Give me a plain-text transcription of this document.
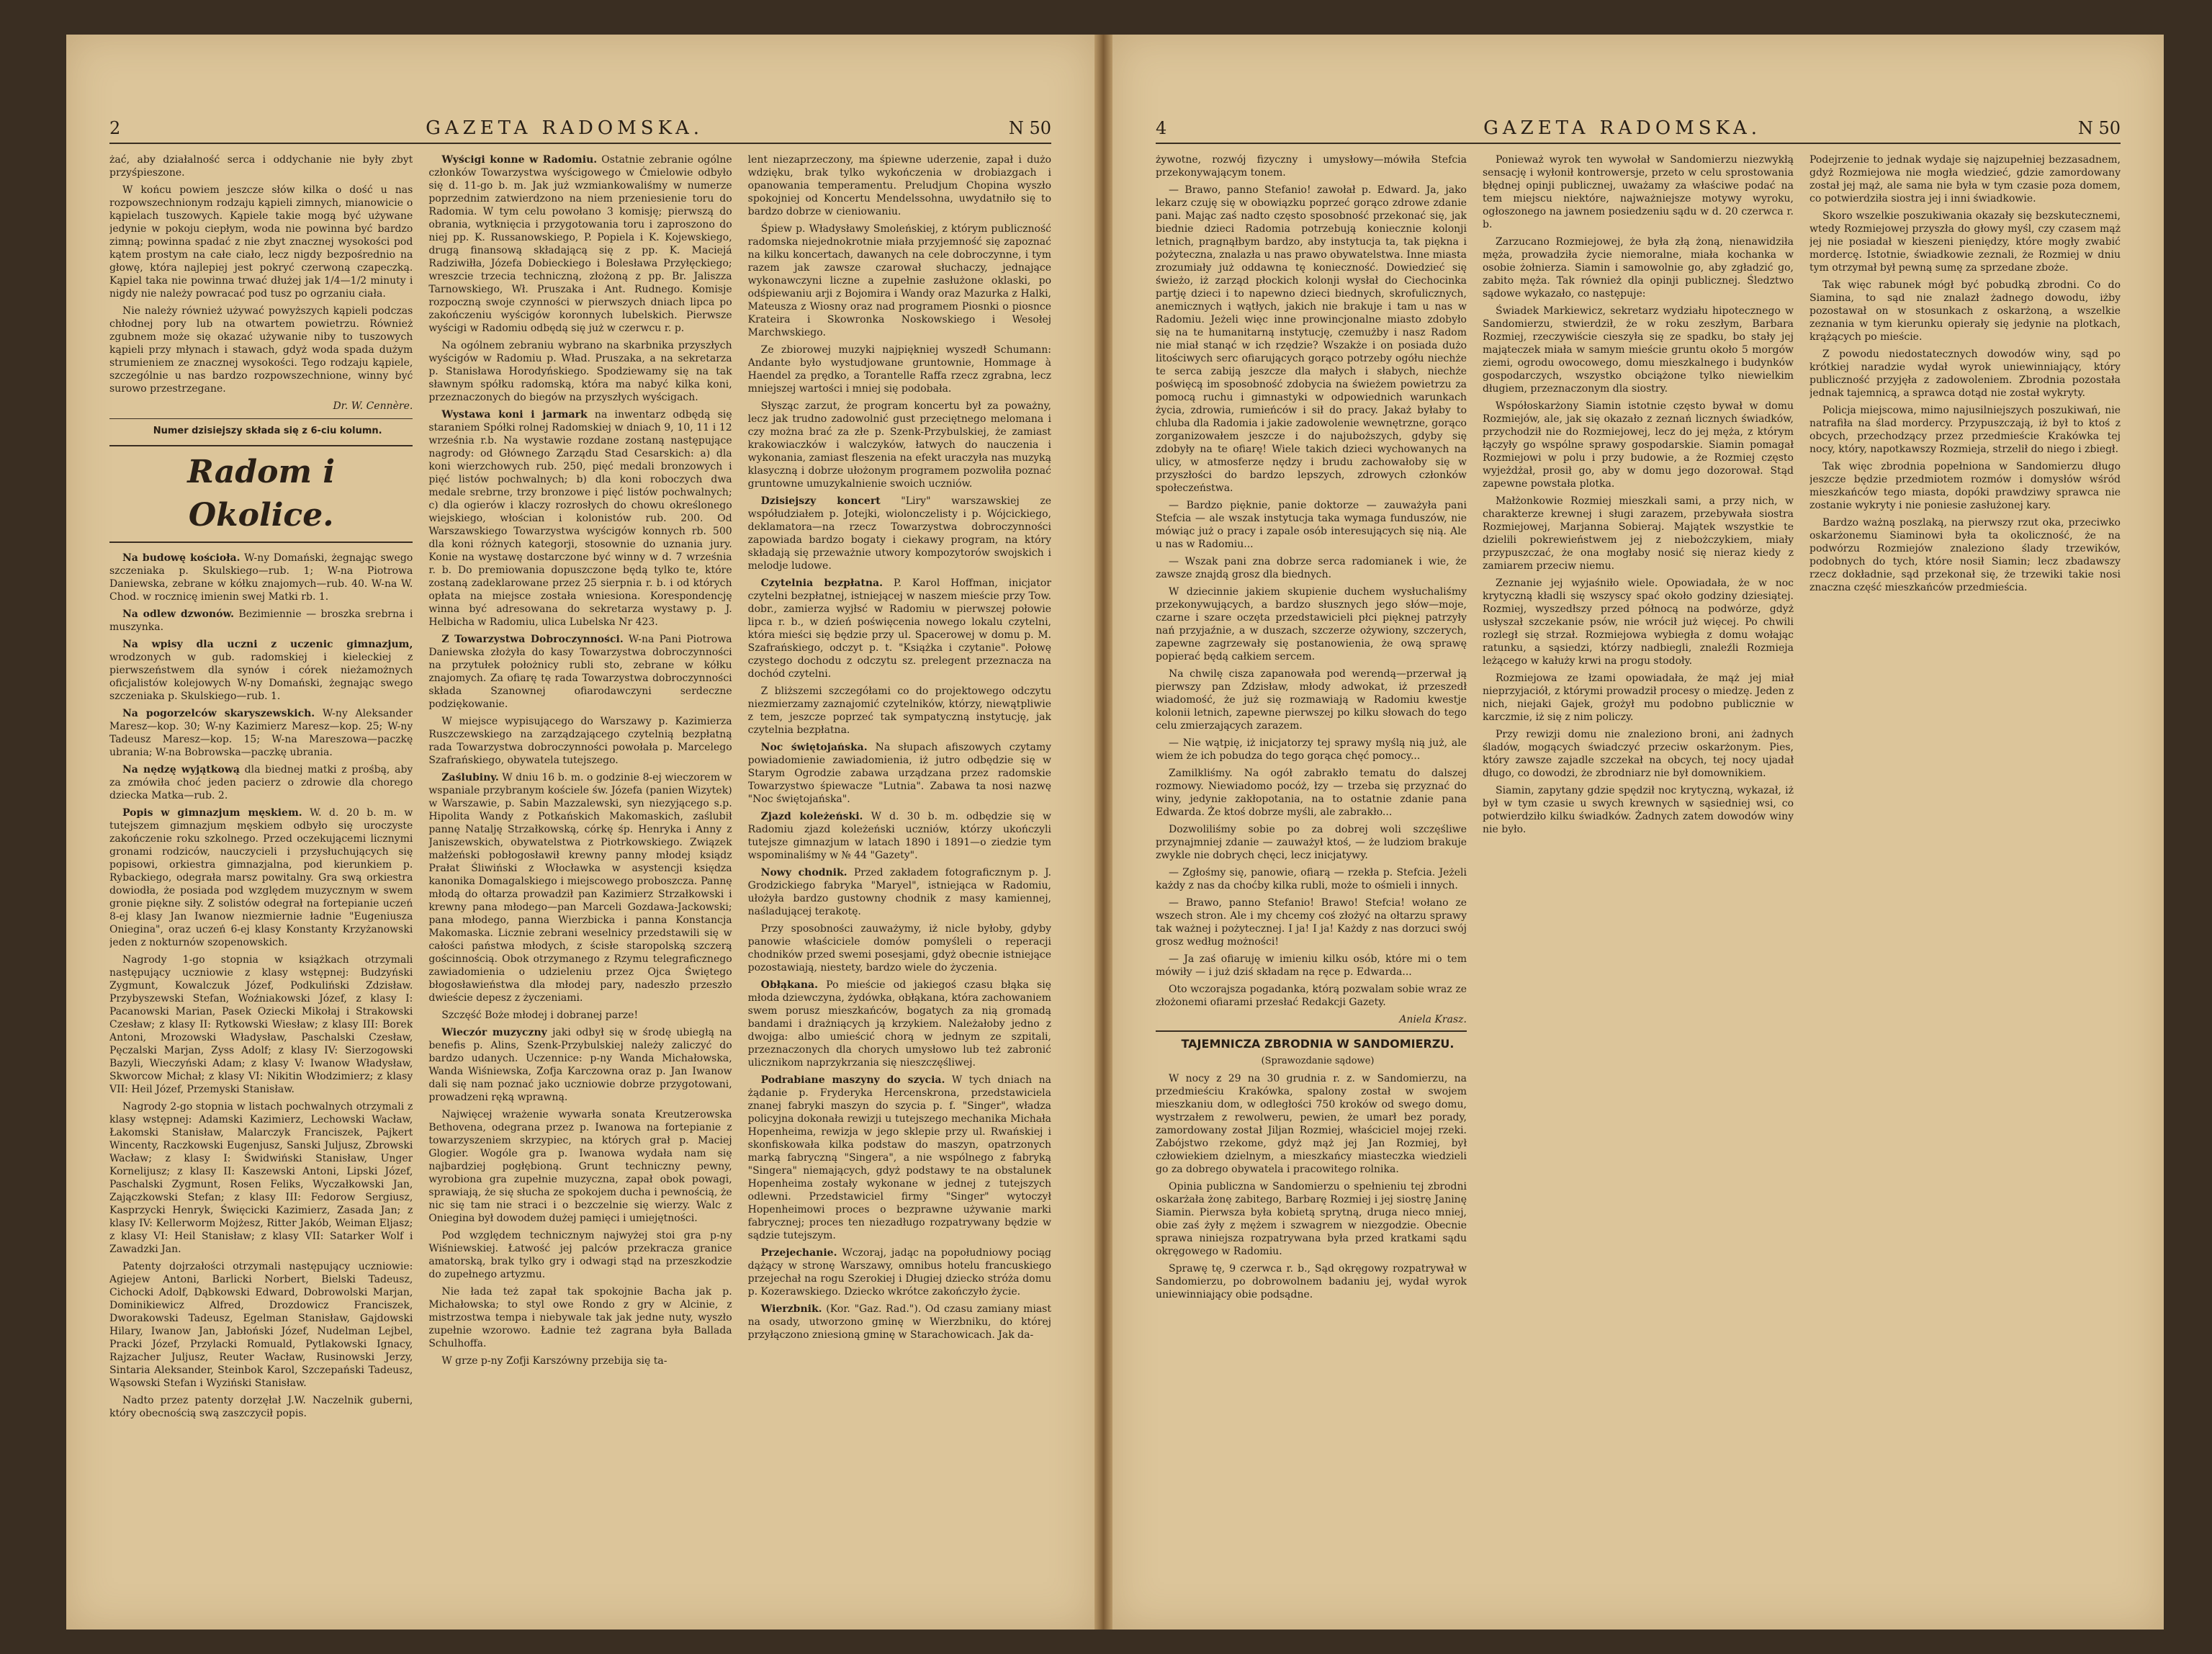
2	GAZETA RADOMSKA.	N 50

żać, aby działalność serca i oddychanie nie były zbyt przyśpieszone.

W końcu powiem jeszcze słów kilka o dość u nas rozpowszechnionym rodzaju kąpieli zimnych, mianowicie o kąpielach tuszowych. Kąpiele takie mogą być używane jedynie w pokoju ciepłym, woda nie powinna być bardzo zimną; powinna spadać z nie zbyt znacznej wysokości pod kątem prostym na całe ciało, lecz nigdy bezpośrednio na głowę, która najlepiej jest pokryć czerwoną czapeczką. Kąpiel taka nie powinna trwać dłużej jak 1/4—1/2 minuty i nigdy nie należy powracać pod tusz po ogrzaniu ciała.

Nie należy również używać powyższych kąpieli podczas chłodnej pory lub na otwartem powietrzu. Również zgubnem może się okazać używanie niby to tuszowych kąpieli przy młynach i stawach, gdyż woda spada dużym strumieniem ze znacznej wysokości. Tego rodzaju kąpiele, szczególnie u nas bardzo rozpowszechnione, winny być surowo przestrzegane.

Dr. W. Cennère.

Numer dzisiejszy składa się z 6-ciu kolumn.

Radom i Okolice.

Na budowę kościoła. W-ny Domański, żegnając swego szczeniaka p. Skulskiego—rub. 1; W-na Piotrowa Daniewska, zebrane w kółku znajomych—rub. 40. W-na W. Chod. w rocznicę imienin swej Matki rb. 1.

Na odlew dzwonów. Bezimiennie — broszka srebrna i muszynka.

Na wpisy dla uczni z uczenic gimnazjum, wrodzonych w gub. radomskiej i kieleckiej z pierwszeństwem dla synów i córek nieżamożnych oficjalistów kolejowych W-ny Domański, żegnając swego szczeniaka p. Skulskiego—rub. 1.

Na pogorzelców skaryszewskich. W-ny Aleksander Maresz—kop. 30; W-ny Kazimierz Maresz—kop. 25; W-ny Tadeusz Maresz—kop. 15; W-na Mareszowa—paczkę ubrania; W-na Bobrowska—paczkę ubrania.

Na nędzę wyjątkową dla biednej matki z prośbą, aby za zmówiła choć jeden pacierz o zdrowie dla chorego dziecka Matka—rub. 2.

Popis w gimnazjum męskiem. W. d. 20 b. m. w tutejszem gimnazjum męskiem odbyło się uroczyste zakończenie roku szkolnego. Przed oczekującemi licznymi gronami rodziców, nauczycieli i przysłuchujących się popisowi, orkiestra gimnazjalna, pod kierunkiem p. Rybackiego, odegrała marsz powitalny. Gra swą orkiestra dowiodła, że posiada pod względem muzycznym w swem gronie piękne siły. Z solistów odegrał na fortepianie uczeń 8-ej klasy Jan Iwanow niezmiernie ładnie "Eugeniusza Oniegina", oraz uczeń 6-ej klasy Konstanty Krzyżanowski jeden z nokturnów szopenowskich.

Nagrody 1-go stopnia w książkach otrzymali następujący uczniowie z klasy wstępnej: Budzyński Zygmunt, Kowalczuk Józef, Podkuliński Zdzisław. Przybyszewski Stefan, Woźniakowski Józef, z klasy I: Pacanowski Marian, Pasek Oziecki Mikołaj i Strakowski Czesław; z klasy II: Rytkowski Wiesław; z klasy III: Borek Antoni, Mrozowski Władysław, Paschalski Czesław, Pęczalski Marjan, Zyss Adolf; z klasy IV: Sierzogowski Bazyli, Wieczyński Adam; z klasy V: Iwanow Władysław, Skworcow Michał; z klasy VI: Nikitin Włodzimierz; z klasy VII: Heil Józef, Przemyski Stanisław.

Nagrody 2-go stopnia w listach pochwalnych otrzymali z klasy wstępnej: Adamski Kazimierz, Lechowski Wacław, Łakomski Stanisław, Malarczyk Franciszek, Pajkert Wincenty, Raczkowski Eugenjusz, Sanski Juljusz, Zbrowski Wacław; z klasy I: Świdwiński Stanisław, Unger Kornelijusz; z klasy II: Kaszewski Antoni, Lipski Józef, Paschalski Zygmunt, Rosen Feliks, Wyczałkowski Jan, Zajączkowski Stefan; z klasy III: Fedorow Sergiusz, Kasprzycki Henryk, Święcicki Kazimierz, Zasada Jan; z klasy IV: Kellerworm Mojżesz, Ritter Jakób, Weiman Eljasz; z klasy VI: Heil Stanisław; z klasy VII: Satarker Wolf i Zawadzki Jan.

Patenty dojrzałości otrzymali następujący uczniowie: Agiejew Antoni, Barlicki Norbert, Bielski Tadeusz, Cichocki Adolf, Dąbkowski Edward, Dobrowolski Marjan, Dominikiewicz Alfred, Drozdowicz Franciszek, Dworakowski Tadeusz, Egelman Stanisław, Gajdowski Hilary, Iwanow Jan, Jabłoński Józef, Nudelman Lejbel, Pracki Józef, Przylacki Romuald, Pytlakowski Ignacy, Rajzacher Juljusz, Reuter Wacław, Rusinowski Jerzy, Sintaria Aleksander, Steinbok Karol, Szczepański Tadeusz, Wąsowski Stefan i Wyziński Stanisław.

Nadto przez patenty dorzęłał J.W. Naczelnik guberni, który obecnością swą zaszczycił popis.

Wyścigi konne w Radomiu. Ostatnie zebranie ogólne członków Towarzystwa wyścigowego w Ćmielowie odbyło się d. 11-go b. m. Jak już wzmiankowaliśmy w numerze poprzednim zatwierdzono na niem przeniesienie toru do Radomia. W tym celu powołano 3 komisję; pierwszą do obrania, wytknięcia i przygotowania toru i zaproszono do niej pp. K. Russanowskiego, P. Popiela i K. Kojewskiego, drugą finansową składającą się z pp. K. Maciejá Radziwiłła, Józefa Dobieckiego i Bolesława Przyłęckiego; wreszcie trzecia techniczną, złożoną z pp. Br. Jaliszza Tarnowskiego, Wł. Pruszaka i Ant. Rudnego. Komisje rozpoczną swoje czynności w pierwszych dniach lipca po zakończeniu wyścigów koronnych lubelskich. Pierwsze wyścigi w Radomiu odbędą się już w czerwcu r. p.

Na ogólnem zebraniu wybrano na skarbnika przyszłych wyścigów w Radomiu p. Wład. Pruszaka, a na sekretarza p. Stanisława Horodyńskiego. Spodziewamy się na tak sławnym spółku radomską, która ma nabyć kilka koni, przeznaczonych do biegów na przyszłych wyścigach.

Wystawa koni i jarmark na inwentarz odbędą się staraniem Spółki rolnej Radomskiej w dniach 9, 10, 11 i 12 września r.b. Na wystawie rozdane zostaną następujące nagrody: od Głównego Zarządu Stad Cesarskich: a) dla koni wierzchowych rub. 250, pięć medali bronzowych i pięć listów pochwalnych; b) dla koni roboczych dwa medale srebrne, trzy bronzowe i pięć listów pochwalnych; c) dla ogierów i klaczy rozrosłych do chowu określonego wiejskiego, włościan i kolonistów rub. 200. Od Warszawskiego Towarzystwa wyścigów konnych rb. 500 dla koni różnych kategorji, stosownie do uznania jury. Konie na wystawę dostarczone być winny w d. 7 września r. b. Do premiowania dopuszczone będą tylko te, które zostaną zadeklarowane przez 25 sierpnia r. b. i od których opłata na miejsce została wniesiona. Korespondencję winna być adresowana do sekretarza wystawy p. J. Helbicha w Radomiu, ulica Lubelska Nr 423.

Z Towarzystwa Dobroczynności. W-na Pani Piotrowa Daniewska złożyła do kasy Towarzystwa dobroczynności na przytułek położnicy rubli sto, zebrane w kółku znajomych. Za ofiarę tę rada Towarzystwa dobroczynności składa Szanownej ofiarodawczyni serdeczne podziękowanie.

W miejsce wypisującego do Warszawy p. Kazimierza Ruszczewskiego na zarządzającego czytelnią bezpłatną rada Towarzystwa dobroczynności powołała p. Marcelego Szafrańskiego, obywatela tutejszego.

Zaślubiny. W dniu 16 b. m. o godzinie 8-ej wieczorem w wspaniale przybranym kościele św. Józefa (panien Wizytek) w Warszawie, p. Sabin Mazzalewski, syn niezyjącego s.p. Hipolita Wandy z Potkańskich Makomaskich, zaślubił pannę Natalję Strzałkowską, córkę śp. Henryka i Anny z Janiszewskich, obywatelstwa z Piotrkowskiego. Związek małżeński pobłogosławił krewny panny młodej ksiądz Prałat Śliwiński z Włocławka w asystencji księdza kanonika Domagalskiego i miejscowego proboszcza. Pannę młodą do ołtarza prowadził pan Kazimierz Strzałkowski i krewny pana młodego—pan Marceli Gozdawa-Jackowski; pana młodego, panna Wierzbicka i panna Konstancja Makomaska. Licznie zebrani weselnicy przedstawili się w całości państwa młodych, z ścisłe staropolską szczerą gościnnością. Obok otrzymanego z Rzymu telegraficznego zawiadomienia o udzieleniu przez Ojca Świętego błogosławieństwa dla młodej pary, nadeszło przeszło dwieście depesz z życzeniami.

Szczęść Boże młodej i dobranej parze!

Wieczór muzyczny jaki odbył się w środę ubiegłą na benefis p. Alins, Szenk-Przybulskiej należy zaliczyć do bardzo udanych. Uczennice: p-ny Wanda Michałowska, Wanda Wiśniewska, Zofja Karczowna oraz p. Jan Iwanow dali się nam poznać jako uczniowie dobrze przygotowani, prowadzeni ręką wprawną.

Najwięcej wrażenie wywarła sonata Kreutzerowska Bethovena, odegrana przez p. Iwanowa na fortepianie z towarzyszeniem skrzypiec, na których grał p. Maciej Glogier. Wogóle gra p. Iwanowa wydała nam się najbardziej pogłębioną. Grunt techniczny pewny, wyrobiona gra zupełnie muzyczna, zapał obok powagi, sprawiają, że się słucha ze spokojem ducha i pewnością, że nic się tam nie straci i o bezczelnie się wierzy. Walc z Oniegina był dowodem dużej pamięci i umiejętności.

Pod względem technicznym najwyżej stoi gra p-ny Wiśniewskiej. Łatwość jej palców przekracza granice amatorską, brak tylko gry i odwagi stąd na przeszkodzie do zupełnego artyzmu.

Nie łada też zapał tak spokojnie Bacha jak p. Michałowska; to styl owe Rondo z gry w Alcinie, z mistrzostwa tempa i niebywale tak jak jedne nuty, wyszło zupełnie wzorowo. Ładnie też zagrana była Ballada Schulhoffa.

W grze p-ny Zofji Karszówny przebija się ta-

lent niezaprzeczony, ma śpiewne uderzenie, zapał i dużo wdzięku, brak tylko wykończenia w drobiazgach i opanowania temperamentu. Preludjum Chopina wyszło spokojniej od Koncertu Mendelssohna, uwydatniło się to bardzo dobrze w cieniowaniu.

Śpiew p. Władysławy Smoleńskiej, z którym publiczność radomska niejednokrotnie miała przyjemność się zapoznać na kilku koncertach, dawanych na cele dobroczynne, i tym razem jak zawsze czarował słuchaczy, jednające wykonawczyni liczne a zupełnie zasłużone oklaski, po odśpiewaniu arji z Bojomira i Wandy oraz Mazurka z Halki, Mateusza z Wiosny oraz nad programem Piosnki o piosnce Krateira i Skowronka Noskowskiego i Wesołej Marchwskiego.

Ze zbiorowej muzyki najpiękniej wyszedł Schumann: Andante było wystudjowane gruntownie, Hommage à Haendel za prędko, a Torantelle Raffa rzecz zgrabna, lecz mniejszej wartości i mniej się podobała.

Słysząc zarzut, że program koncertu był za poważny, lecz jak trudno zadowolnić gust przeciętnego melomana i czy można brać za złe p. Szenk-Przybulskiej, że zamiast krakowiaczków i walczyków, łatwych do nauczenia i wykonania, zamiast fleszenia na efekt uraczyła nas muzyką klasyczną i dobrze ułożonym programem pozwoliła poznać gruntowne umuzykalnienie swoich uczniów.

Dzisiejszy koncert "Liry" warszawskiej ze współudziałem p. Jotejki, wiolonczelisty i p. Wójcickiego, deklamatora—na rzecz Towarzystwa dobroczynności zapowiada bardzo bogaty i ciekawy program, na który składają się przeważnie utwory kompozytorów swojskich i melodje ludowe.

Czytelnia bezpłatna. P. Karol Hoffman, inicjator czytelni bezpłatnej, istniejącej w naszem mieście przy Tow. dobr., zamierza wyjłsć w Radomiu w pierwszej połowie lipca r. b., w dzień poświęcenia nowego lokalu czytelni, która mieści się będzie przy ul. Spacerowej w domu p. M. Szafrańskiego, odczyt p. t. "Książka i czytanie". Połowę czystego dochodu z odczytu sz. prelegent przeznacza na dochód czytelni.

Z bliższemi szczegółami co do projektowego odczytu niezmierzamy zaznajomić czytelników, którzy, niewątpliwie z tem, jeszcze poprzeć tak sympatyczną instytucję, jak czytelnia bezpłatna.

Noc świętojańska. Na słupach afiszowych czytamy powiadomienie zawiadomienia, iż jutro odbędzie się w Starym Ogrodzie zabawa urządzana przez radomskie Towarzystwo śpiewacze "Lutnia". Zabawa ta nosi nazwę "Noc świętojańska".

Zjazd koleżeński. W d. 30 b. m. odbędzie się w Radomiu zjazd koleżeński uczniów, którzy ukończyli tutejsze gimnazjum w latach 1890 i 1891—o ziedzie tym wspominaliśmy w № 44 "Gazety".

Nowy chodnik. Przed zakładem fotograficznym p. J. Grodzickiego fabryka "Maryel", istniejąca w Radomiu, ułożyła bardzo gustowny chodnik z masy kamiennej, naśladującej terakotę.

Przy sposobności zauważymy, iż nicle byłoby, gdyby panowie właściciele domów pomyśleli o reperacji chodników przed swemi posesjami, gdyż obecnie istniejące pozostawiają, niestety, bardzo wiele do życzenia.

Obłąkana. Po mieście od jakiegoś czasu błąka się młoda dziewczyna, żydówka, obłąkana, która zachowaniem swem porusz mieszkańców, bogatych za nią gromadą bandami i drażniących ją krzykiem. Należałoby jedno z dwojga: albo umieścić chorą w jednym ze szpitali, przeznaczonych dla chorych umysłowo lub też zabronić ulicznikom naprzykrzania się nieszczęśliwej.

Podrabiane maszyny do szycia. W tych dniach na żądanie p. Fryderyka Hercenskrona, przedstawiciela znanej fabryki maszyn do szycia p. f. "Singer", władza policyjna dokonała rewizji u tutejszego mechanika Michała Hopenheima, rewizja w jego sklepie przy ul. Rwańskiej i skonfiskowała kilka podstaw do maszyn, opatrzonych marką fabryczną "Singera", a nie wspólnego z fabryką "Singera" niemających, gdyż podstawy te na obstalunek Hopenheima zostały wykonane w jednej z tutejszych odlewni. Przedstawiciel firmy "Singer" wytoczył Hopenheimowi proces o bezprawne używanie marki fabrycznej; proces ten niezadługo rozpatrywany będzie w sądzie tutejszym.

Przejechanie. Wczoraj, jadąc na popołudniowy pociąg dążący w stronę Warszawy, omnibus hotelu francuskiego przejechał na rogu Szerokiej i Długiej dziecko stróża domu p. Kozerawskiego. Dziecko wkrótce zakończyło życie.

Wierzbnik. (Kor. "Gaz. Rad."). Od czasu zamiany miast na osady, utworzono gminę w Wierzbniku, do której przyłączono zniesioną gminę w Starachowicach. Jak da-

4	GAZETA RADOMSKA.	N 50

żywotne, rozwój fizyczny i umysłowy—mówiła Stefcia przekonywającym tonem.

— Brawo, panno Stefanio! zawołał p. Edward. Ja, jako lekarz czuję się w obowiązku poprzeć gorąco zdrowe zdanie pani. Mając zaś nadto często sposobność przekonać się, jak biednie dzieci Radomia potrzebują koniecznie kolonji letnich, pragnąłbym bardzo, aby instytucja ta, tak piękna i pożyteczna, znalazła u nas prawo obywatelstwa. Inne miasta zrozumiały już oddawna tę konieczność. Dowiedzieć się świeżo, iż zarząd płockich kolonji wysłał do Ciechocinka partję dzieci i to napewno dzieci biednych, skrofulicznych, anemicznych i wątłych, jakich nie brakuje i tam u nas w Radomiu. Jeżeli więc inne prowincjonalne miasto zdobyło się na te humanitarną instytucję, czemużby i nasz Radom nie miał stanąć w ich rzędzie? Wszakże i on posiada dużo litościwych serc ofiarujących gorąco potrzeby ogółu niechże te serca zabiją jeszcze dla małych i słabych, niechże poświęcą im sposobność zdobycia na świeżem powietrzu za pomocą ruchu i gimnastyki w odpowiednich warunkach życia, zdrowia, rumieńców i sił do pracy. Jakaż byłaby to chluba dla Radomia i jakie zadowolenie wewnętrzne, gorąco zorganizowałem jeszcze i do najuboższych, gdyby się zdobyły na te ofiarę! Wiele takich dzieci wychowanych na ulicy, w atmosferze nędzy i brudu zachowałoby się w przyszłości do bardzo lepszych, zdrowych członków społeczeństwa.

— Bardzo pięknie, panie doktorze — zauważyła pani Stefcia — ale wszak instytucja taka wymaga funduszów, nie mówiąc już o pracy i zapale osób interesujących się nią. Ale u nas w Radomiu...

— Wszak pani zna dobrze serca radomianek i wie, że zawsze znajdą grosz dla biednych.

W dziecinnie jakiem skupienie duchem wysłuchaliśmy przekonywujących, a bardzo słusznych jego słów—moje, czarne i szare oczęta przedstawicieli płci pięknej patrzyły nań przyjaźnie, a w duszach, szczerze ożywiony, szczerych, zapewne zagrzewały się postanowienia, że ową sprawę popierać będą całkiem sercem.

Na chwilę cisza zapanowała pod werendą—przerwał ją pierwszy pan Zdzisław, młody adwokat, iż przeszedł wiadomość, że już się rozmawiają w Radomiu kwestje kolonii letnich, zapewne pierwszej po kilku słowach do tego celu zmierzających zarazem.

— Nie wątpię, iż inicjatorzy tej sprawy myślą nią już, ale wiem że ich pobudza do tego gorąca chęć pomocy...

Zamilkliśmy. Na ogół zabrakło tematu do dalszej rozmowy. Niewiadomo pocóż, łzy — trzeba się przyznać do winy, jedynie zakłopotania, na to ostatnie zdanie pana Edwarda. Że ktoś dobrze myśli, ale zabrakło...

Dozwoliliśmy sobie po za dobrej woli szczęśliwe przynajmniej zdanie — zauważył ktoś, — że ludziom brakuje zwykle nie dobrych chęci, lecz inicjatywy.

— Zgłośmy się, panowie, ofiarą — rzekła p. Stefcia. Jeżeli każdy z nas da choćby kilka rubli, może to ośmieli i innych.

— Brawo, panno Stefanio! Brawo! Stefcia! wołano ze wszech stron. Ale i my chcemy coś złożyć na ołtarzu sprawy tak ważnej i pożytecznej. I ja! I ja! Każdy z nas dorzuci swój grosz według możności!

— Ja zaś ofiaruję w imieniu kilku osób, które mi o tem mówiły — i już dziś składam na ręce p. Edwarda...

Oto wczorajsza pogadanka, którą pozwalam sobie wraz ze złożonemi ofiarami przesłać Redakcji Gazety.

Aniela Krasz.

TAJEMNICZA ZBRODNIA W SANDOMIERZU.

(Sprawozdanie sądowe)

W nocy z 29 na 30 grudnia r. z. w Sandomierzu, na przedmieściu Krakówka, spalony został w swojem mieszkaniu dom, w odległości 750 kroków od swego domu, wystrzałem z rewolweru, pewien, że umarł bez porady, zamordowany został Jiljan Rozmiej, właściciel mojej rzeki. Zabójstwo rzekome, gdyż mąż jej Jan Rozmiej, był człowiekiem dzielnym, a mieszkańcy miasteczka wiedzieli go za dobrego obywatela i pracowitego rolnika.

Opinia publiczna w Sandomierzu o spełnieniu tej zbrodni oskarżała żonę zabitego, Barbarę Rozmiej i jej siostrę Janinę Siamin. Pierwsza była kobietą sprytną, druga nieco mniej, obie zaś żyły z mężem i szwagrem w niezgodzie. Obecnie sprawa niniejsza rozpatrywana była przed kratkami sądu okręgowego w Radomiu.

Sprawę tę, 9 czerwca r. b., Sąd okręgowy rozpatrywał w Sandomierzu, po dobrowolnem badaniu jej, wydał wyrok uniewinniający obie podsądne.

Ponieważ wyrok ten wywołał w Sandomierzu niezwykłą sensację i wyłonił kontrowersje, przeto w celu sprostowania błędnej opinji publicznej, uważamy za właściwe podać na tem miejscu niektóre, najważniejsze motywy wyroku, ogłoszonego na jawnem posiedzeniu sądu w d. 20 czerwca r. b.

Zarzucano Rozmiejowej, że była złą żoną, nienawidziła męża, prowadziła życie niemoralne, miała kochanka w osobie żołnierza. Siamin i samowolnie go, aby zgładzić go, zabito męża. Tak również dla opinji publicznej. Śledztwo sądowe wykazało, co następuje:

Świadek Markiewicz, sekretarz wydziału hipotecznego w Sandomierzu, stwierdził, że w roku zeszłym, Barbara Rozmiej, rzeczywiście cieszyła się ze spadku, bo stały jej mająteczek miała w samym mieście gruntu około 5 morgów ziemi, ogrodu owocowego, domu mieszkalnego i budynków gospodarczych, wszystko obciążone tylko niewielkim długiem, przeznaczonym dla siostry.

Współoskarżony Siamin istotnie często bywał w domu Rozmiejów, ale, jak się okazało z zeznań licznych świadków, przychodził nie do Rozmiejowej, lecz do jej męża, z którym łączyły go wspólne sprawy gospodarskie. Siamin pomagał Rozmiejowi w polu i przy budowie, a że Rozmiej często wyjeżdżał, prosił go, aby w domu jego dozorował. Stąd zapewne powstała plotka.

Małżonkowie Rozmiej mieszkali sami, a przy nich, w charakterze krewnej i sługi zarazem, przebywała siostra Rozmiejowej, Marjanna Sobieraj. Majątek wszystkie te dzielili pokrewieństwem jej z niebożczykiem, miały przypuszczać, że ona mogłaby nosić się nieraz kiedy z zamiarem przeciw niemu.

Zeznanie jej wyjaśniło wiele. Opowiadała, że w noc krytyczną kładli się wszyscy spać około godziny dziesiątej. Rozmiej, wyszedłszy przed północą na podwórze, gdyż usłyszał szczekanie psów, nie wrócił już więcej. Po chwili rozległ się strzał. Rozmiejowa wybiegła z domu wołając ratunku, a sąsiedzi, którzy nadbiegli, znaleźli Rozmieja leżącego w kałuży krwi na progu stodoły.

Rozmiejowa ze łzami opowiadała, że mąż jej miał nieprzyjaciół, z którymi prowadził procesy o miedzę. Jeden z nich, niejaki Gajek, grożył mu podobno publicznie w karczmie, iż się z nim policzy.

Przy rewizji domu nie znaleziono broni, ani żadnych śladów, mogących świadczyć przeciw oskarżonym. Pies, który zawsze zajadle szczekał na obcych, tej nocy ujadał długo, co dowodzi, że zbrodniarz nie był domownikiem.

Siamin, zapytany gdzie spędził noc krytyczną, wykazał, iż był w tym czasie u swych krewnych w sąsiedniej wsi, co potwierdziło kilku świadków. Żadnych zatem dowodów winy nie było.

Podejrzenie to jednak wydaje się najzupełniej bezzasadnem, gdyż Rozmiejowa nie mogła wiedzieć, gdzie zamordowany został jej mąż, ale sama nie była w tym czasie poza domem, co potwierdziła siostra jej i inni świadkowie.

Skoro wszelkie poszukiwania okazały się bezskutecznemi, wtedy Rozmiejowej przyszła do głowy myśl, czy czasem mąż jej nie posiadał w kieszeni pieniędzy, które mogły zwabić mordercę. Istotnie, świadkowie zeznali, że Rozmiej w dniu tym otrzymał był pewną sumę za sprzedane zboże.

Tak więc rabunek mógł być pobudką zbrodni. Co do Siamina, to sąd nie znalazł żadnego dowodu, iżby pozostawał on w stosunkach z oskarżoną, a wszelkie zeznania w tym kierunku opierały się jedynie na plotkach, krążących po mieście.

Z powodu niedostatecznych dowodów winy, sąd po krótkiej naradzie wydał wyrok uniewinniający, który publiczność przyjęła z zadowoleniem. Zbrodnia pozostała jednak tajemnicą, a sprawca dotąd nie został wykryty.

Policja miejscowa, mimo najusilniejszych poszukiwań, nie natrafiła na ślad mordercy. Przypuszczają, iż był to ktoś z obcych, przechodzący przez przedmieście Krakówka tej nocy, który, napotkawszy Rozmieja, strzelił do niego i zbiegł.

Tak więc zbrodnia popełniona w Sandomierzu długo jeszcze będzie przedmiotem rozmów i domysłów wśród mieszkańców tego miasta, dopóki prawdziwy sprawca nie zostanie wykryty i nie poniesie zasłużonej kary.

Bardzo ważną poszlaką, na pierwszy rzut oka, przeciwko oskarżonemu Siaminowi była ta okoliczność, że na podwórzu Rozmiejów znaleziono ślady trzewików, podobnych do tych, które nosił Siamin; lecz zbadawszy rzecz dokładnie, sąd przekonał się, że trzewiki takie nosi znaczna część mieszkańców przedmieścia.
